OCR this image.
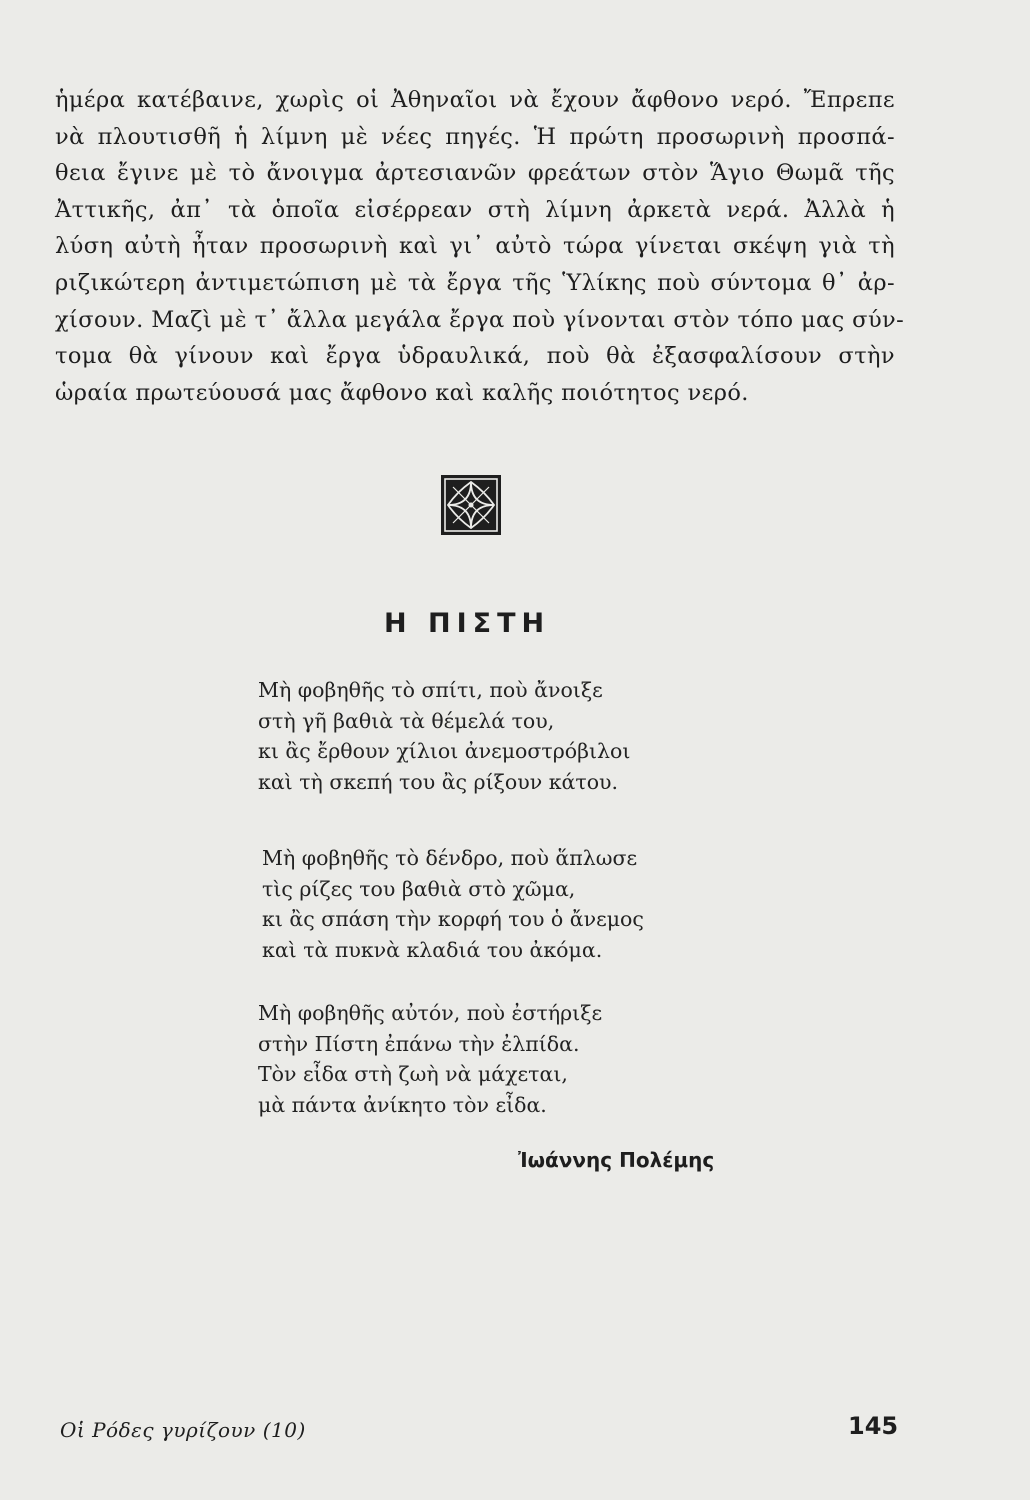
ἡμέρα κατέβαινε, χωρὶς οἱ Ἀθηναῖοι νὰ ἔχουν ἄφθονο νερό. Ἔπρεπε
νὰ πλουτισθῆ ἡ λίμνη μὲ νέες πηγές. Ἡ πρώτη προσωρινὴ προσπά-
θεια ἔγινε μὲ τὸ ἄνοιγμα ἀρτεσιανῶν φρεάτων στὸν Ἅγιο Θωμᾶ τῆς
Ἀττικῆς, ἀπ᾿ τὰ ὁποῖα εἰσέρρεαν στὴ λίμνη ἀρκετὰ νερά. Ἀλλὰ ἡ
λύση αὐτὴ ἦταν προσωρινὴ καὶ γι᾿ αὐτὸ τώρα γίνεται σκέψη γιὰ τὴ
ριζικώτερη ἀντιμετώπιση μὲ τὰ ἔργα τῆς Ὑλίκης ποὺ σύντομα θ᾿ ἀρ-
χίσουν. Μαζὶ μὲ τ᾿ ἄλλα μεγάλα ἔργα ποὺ γίνονται στὸν τόπο μας σύν-
τομα θὰ γίνουν καὶ ἔργα ὑδραυλικά, ποὺ θὰ ἐξασφαλίσουν στὴν
ὡραία πρωτεύουσά μας ἄφθονο καὶ καλῆς ποιότητος νερό.
Η ΠΙΣΤΗ
Μὴ φοβηθῆς τὸ σπίτι, ποὺ ἄνοιξε
στὴ γῆ βαθιὰ τὰ θέμελά του,
κι ἂς ἔρθουν χίλιοι ἀνεμοστρόβιλοι
καὶ τὴ σκεπή του ἂς ρίξουν κάτου.
Μὴ φοβηθῆς τὸ δένδρο, ποὺ ἅπλωσε
τὶς ρίζες του βαθιὰ στὸ χῶμα,
κι ἂς σπάση τὴν κορφή του ὁ ἄνεμος
καὶ τὰ πυκνὰ κλαδιά του ἀκόμα.
Μὴ φοβηθῆς αὐτόν, ποὺ ἐστήριξε
στὴν Πίστη ἐπάνω τὴν ἐλπίδα.
Τὸν εἶδα στὴ ζωὴ νὰ μάχεται,
μὰ πάντα ἀνίκητο τὸν εἶδα.

Ἰωάννης Πολέμης

Οἱ Ρόδες γυρίζουν (10)	145
